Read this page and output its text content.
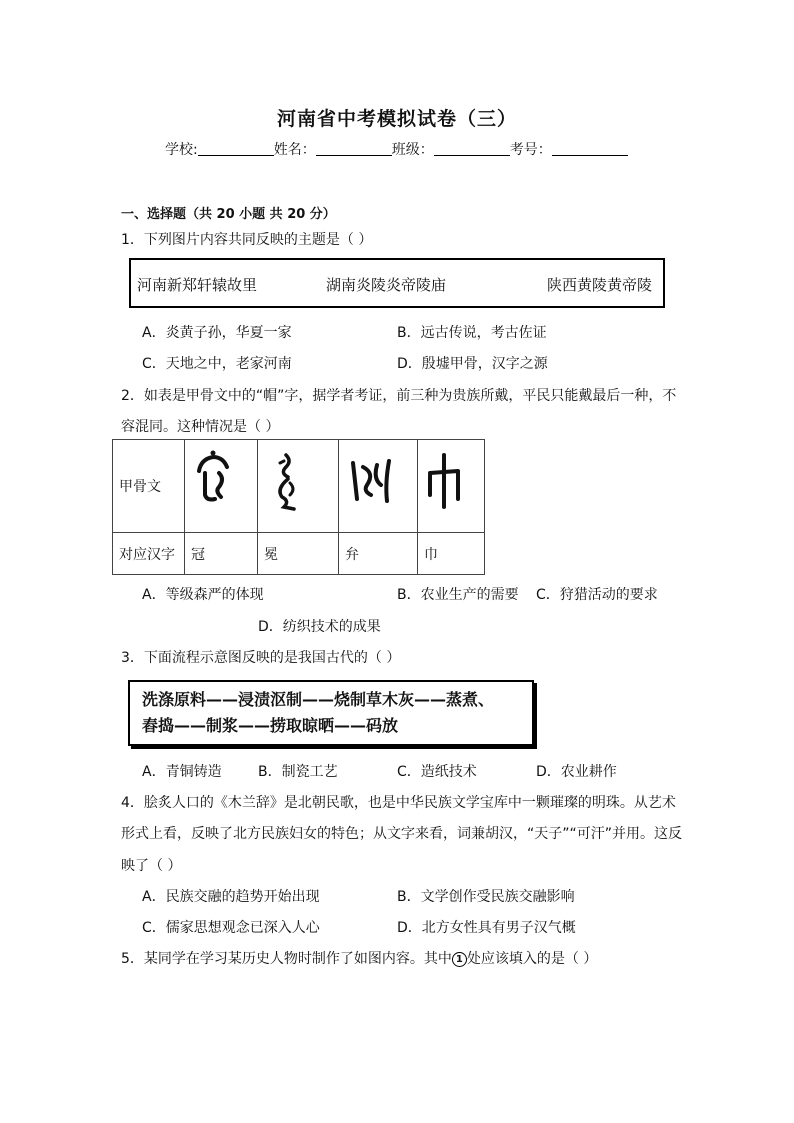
河南省中考模拟试卷（三）
学校:	姓名：	班级：	考号：
一、选择题（共 20 小题 共 20 分）
1．下列图片内容共同反映的主题是（ ）
河南新郑轩辕故里	湖南炎陵炎帝陵庙	陕西黄陵黄帝陵
A．炎黄子孙，华夏一家	B．远古传说，考古佐证
C．天地之中，老家河南	D．殷墟甲骨，汉字之源
2．如表是甲骨文中的“帽”字，据学者考证，前三种为贵族所戴，平民只能戴最后一种，不
容混同。这种情况是（ ）
甲骨文				
对应汉字	冠	冕	弁	巾
A．等级森严的体现	B．农业生产的需要 C．狩猎活动的要求
D．纺织技术的成果
3．下面流程示意图反映的是我国古代的（ ）
洗涤原料——浸渍沤制——烧制草木灰——蒸煮、
舂捣——制浆——捞取晾晒——码放
A．青铜铸造	B．制瓷工艺	C．造纸技术	D．农业耕作
4．脍炙人口的《木兰辞》是北朝民歌，也是中华民族文学宝库中一颗璀璨的明珠。从艺术
形式上看，反映了北方民族妇女的特色；从文字来看，词兼胡汉，“天子”“可汗”并用。这反
映了（ ）
A．民族交融的趋势开始出现	B．文学创作受民族交融影响
C．儒家思想观念已深入人心	D．北方女性具有男子汉气概
5．某同学在学习某历史人物时制作了如图内容。其中 1 处应该填入的是（ ）
